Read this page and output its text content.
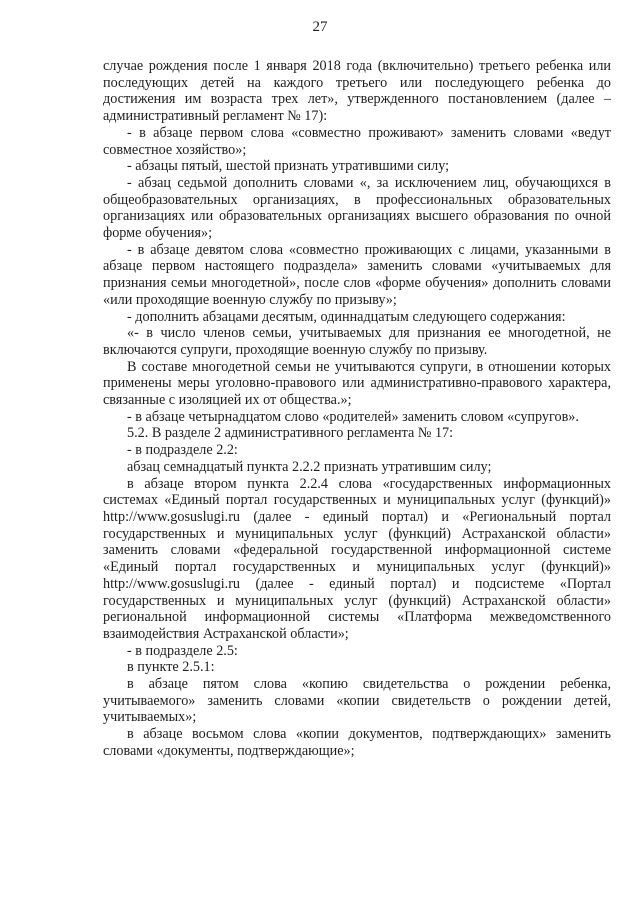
27

случае рождения после 1 января 2018 года (включительно) третьего ребенка или последующих детей на каждого третьего или последующего ребенка до достижения им возраста трех лет», утвержденного постановлением (далее – административный регламент № 17):

- в абзаце первом слова «совместно проживают» заменить словами «ведут совместное хозяйство»;

- абзацы пятый, шестой признать утратившими силу;

- абзац седьмой дополнить словами «, за исключением лиц, обучающихся в общеобразовательных организациях, в профессиональных образовательных организациях или образовательных организациях высшего образования по очной форме обучения»;

- в абзаце девятом слова «совместно проживающих с лицами, указанными в абзаце первом настоящего подраздела» заменить словами «учитываемых для признания семьи многодетной», после слов «форме обучения» дополнить словами «или проходящие военную службу по призыву»;

- дополнить абзацами десятым, одиннадцатым следующего содержания:

«- в число членов семьи, учитываемых для признания ее многодетной, не включаются супруги, проходящие военную службу по призыву.

В составе многодетной семьи не учитываются супруги, в отношении которых применены меры уголовно-правового или административно-правового характера, связанные с изоляцией их от общества.»;

- в абзаце четырнадцатом слово «родителей» заменить словом «супругов».

5.2. В разделе 2 административного регламента № 17:

- в подразделе 2.2:

абзац семнадцатый пункта 2.2.2 признать утратившим силу;

в абзаце втором пункта 2.2.4 слова «государственных информационных системах «Единый портал государственных и муниципальных услуг (функций)» http://www.gosuslugi.ru (далее - единый портал) и «Региональный портал государственных и муниципальных услуг (функций) Астраханской области» заменить словами «федеральной государственной информационной системе «Единый портал государственных и муниципальных услуг (функций)» http://www.gosuslugi.ru (далее - единый портал) и подсистеме «Портал государственных и муниципальных услуг (функций) Астраханской области» региональной информационной системы «Платформа межведомственного взаимодействия Астраханской области»;

- в подразделе 2.5:

в пункте 2.5.1:

в абзаце пятом слова «копию свидетельства о рождении ребенка, учитываемого» заменить словами «копии свидетельств о рождении детей, учитываемых»;

в абзаце восьмом слова «копии документов, подтверждающих» заменить словами «документы, подтверждающие»;
